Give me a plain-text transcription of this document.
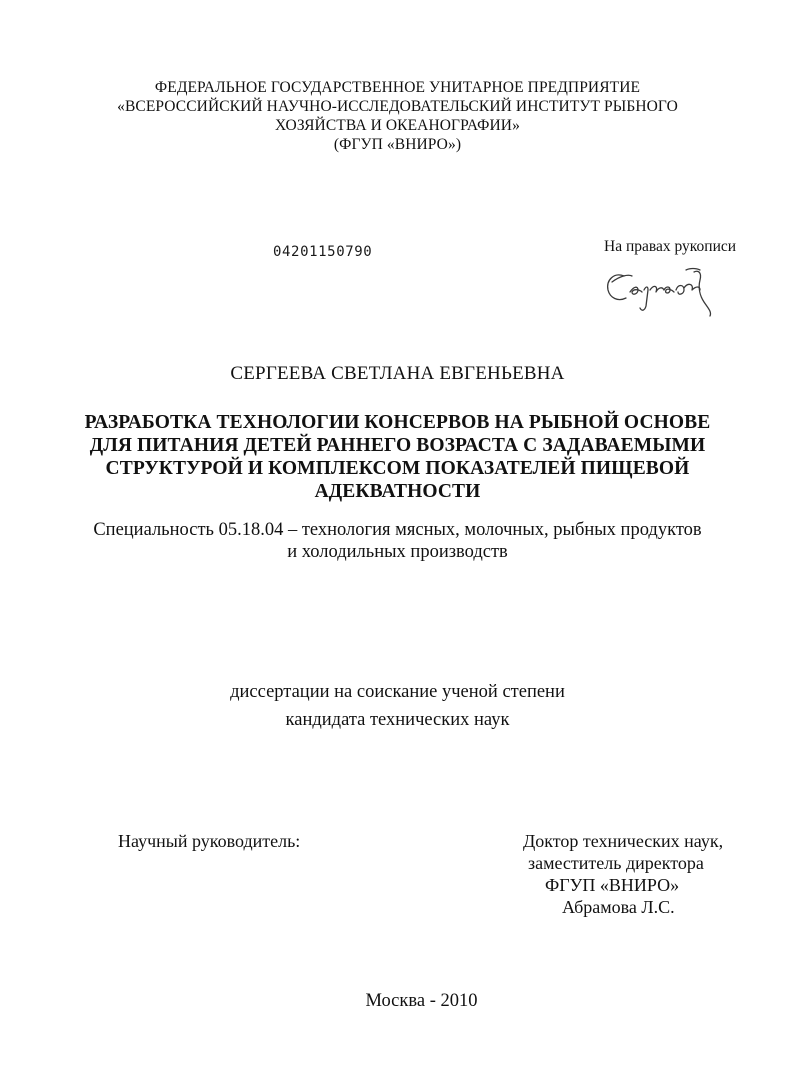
ФЕДЕРАЛЬНОЕ ГОСУДАРСТВЕННОЕ УНИТАРНОЕ ПРЕДПРИЯТИЕ
«ВСЕРОССИЙСКИЙ НАУЧНО-ИССЛЕДОВАТЕЛЬСКИЙ ИНСТИТУТ РЫБНОГО
ХОЗЯЙСТВА И ОКЕАНОГРАФИИ»
(ФГУП «ВНИРО»)
04201150790	На правах рукописи
СЕРГЕЕВА СВЕТЛАНА ЕВГЕНЬЕВНА
РАЗРАБОТКА ТЕХНОЛОГИИ КОНСЕРВОВ НА РЫБНОЙ ОСНОВЕ
ДЛЯ ПИТАНИЯ ДЕТЕЙ РАННЕГО ВОЗРАСТА С ЗАДАВАЕМЫМИ
СТРУКТУРОЙ И КОМПЛЕКСОМ ПОКАЗАТЕЛЕЙ ПИЩЕВОЙ
АДЕКВАТНОСТИ
Специальность 05.18.04 – технология мясных, молочных, рыбных продуктов
и холодильных производств
диссертации на соискание ученой степени
кандидата технических наук
Научный руководитель:	Доктор технических наук,
заместитель директора
ФГУП «ВНИРО»
Абрамова Л.С.
Москва - 2010
